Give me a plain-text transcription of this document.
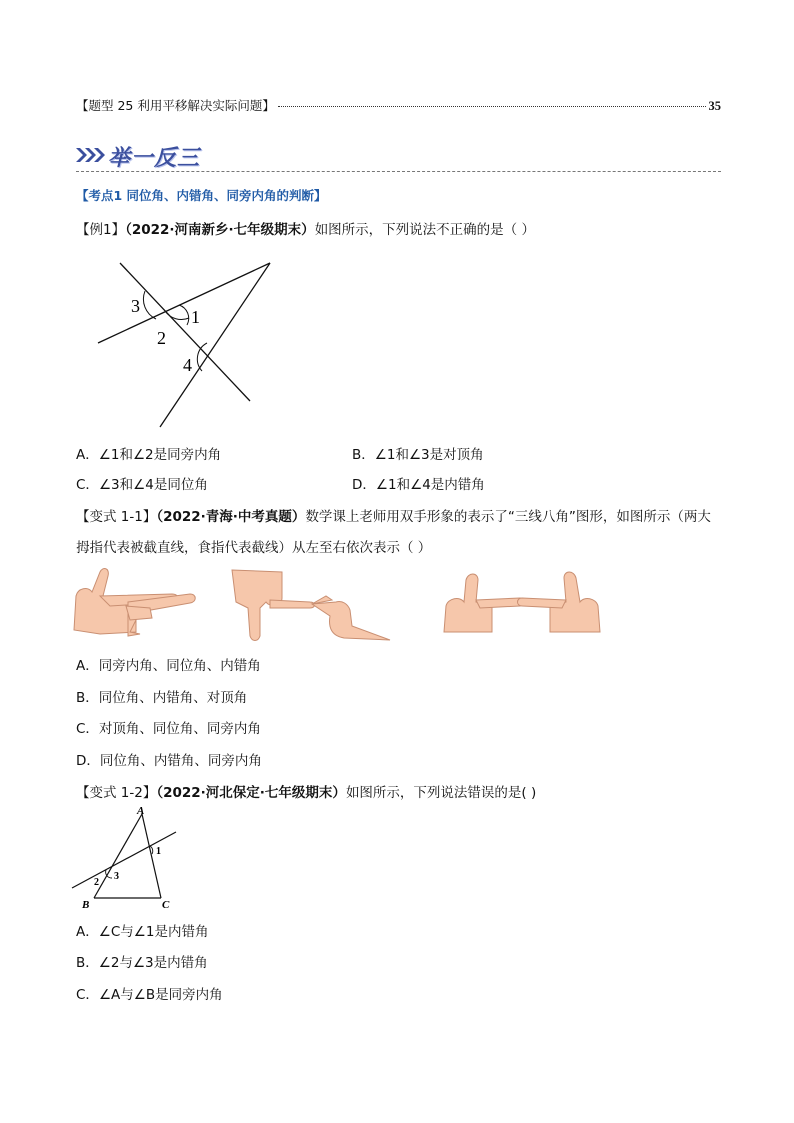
【题型 25 利用平移解决实际问题】	35
举一反三
【考点1 同位角、内错角、同旁内角的判断】
【例1】（2022·河南新乡·七年级期末）如图所示，下列说法不正确的是（ ）
3
1
2
4
A．∠1和∠2是同旁内角	B．∠1和∠3是对顶角
C．∠3和∠4是同位角	D．∠1和∠4是内错角
【变式 1-1】（2022·青海·中考真题）数学课上老师用双手形象的表示了“三线八角”图形，如图所示（两大
拇指代表被截直线，食指代表截线）从左至右依次表示（ ）
A．同旁内角、同位角、内错角
B．同位角、内错角、对顶角
C．对顶角、同位角、同旁内角
D．同位角、内错角、同旁内角
【变式 1-2】（2022·河北保定·七年级期末）如图所示，下列说法错误的是( )
A
1
2
3
B	C
A．∠C与∠1是内错角
B．∠2与∠3是内错角
C．∠A与∠B是同旁内角
